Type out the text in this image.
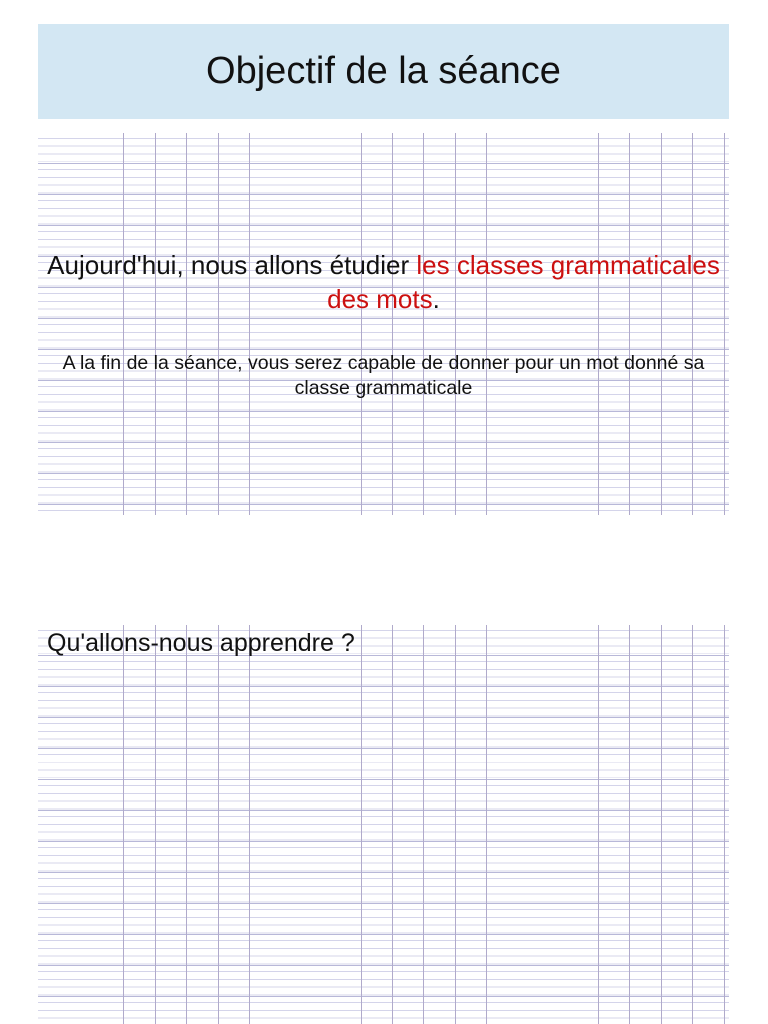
Objectif de la séance
Aujourd'hui, nous allons étudier les classes grammaticales des mots.
A la fin de la séance, vous serez capable de donner pour un mot donné sa classe grammaticale
Qu'allons-nous apprendre ?
